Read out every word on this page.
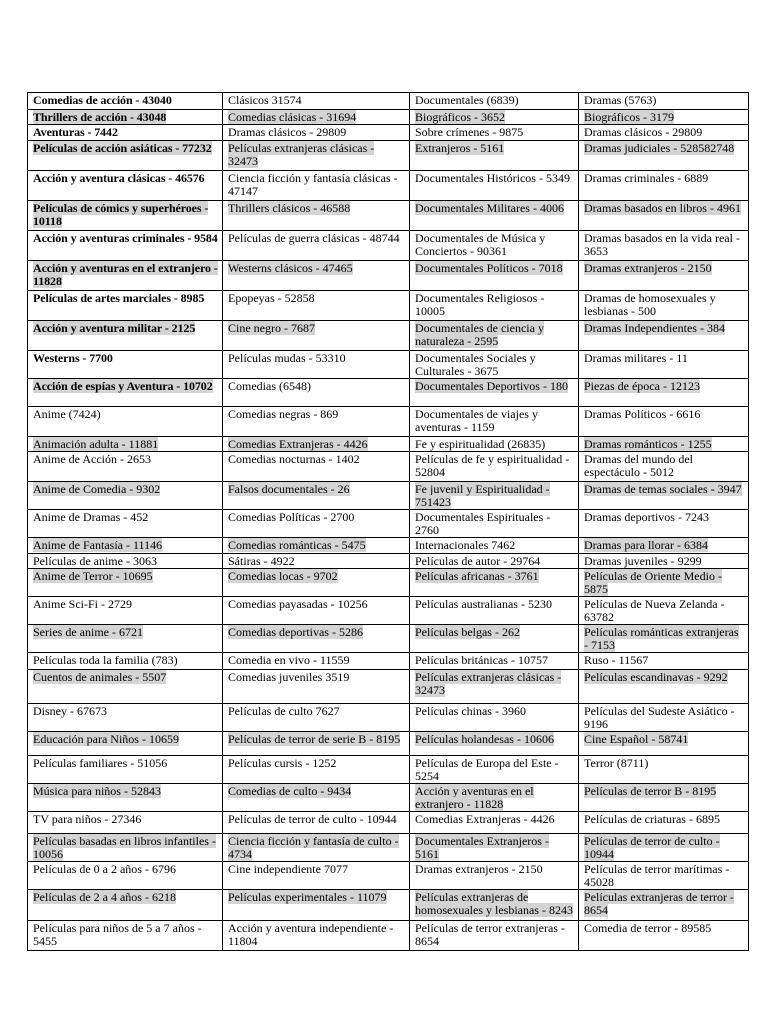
Comedias de acción - 43040	Clásicos 31574	Documentales (6839)	Dramas (5763)
Thrillers de acción - 43048	Comedias clásicas - 31694	Biográficos - 3652	Biográficos - 3179
Aventuras - 7442	Dramas clásicos - 29809	Sobre crímenes - 9875	Dramas clásicos - 29809
Películas de acción asiáticas - 77232	Películas extranjeras clásicas - 32473	Extranjeros - 5161	Dramas judiciales - 528582748
Acción y aventura clásicas - 46576	Ciencia ficción y fantasía clásicas - 47147	Documentales Históricos - 5349	Dramas criminales - 6889
Películas de cómics y superhéroes - 10118	Thrillers clásicos - 46588	Documentales Militares - 4006	Dramas basados en libros - 4961
Acción y aventuras criminales - 9584	Películas de guerra clásicas - 48744	Documentales de Música y Conciertos - 90361	Dramas basados en la vida real - 3653
Acción y aventuras en el extranjero - 11828	Westerns clásicos - 47465	Documentales Políticos - 7018	Dramas extranjeros - 2150
Películas de artes marciales - 8985	Epopeyas - 52858	Documentales Religiosos - 10005	Dramas de homosexuales y lesbianas - 500
Acción y aventura militar - 2125	Cine negro - 7687	Documentales de ciencia y naturaleza - 2595	Dramas Independientes - 384
Westerns - 7700	Películas mudas - 53310	Documentales Sociales y Culturales - 3675	Dramas militares - 11
Acción de espías y Aventura - 10702	Comedias (6548)	Documentales Deportivos - 180	Piezas de época - 12123
Anime (7424)	Comedias negras - 869	Documentales de viajes y aventuras - 1159	Dramas Políticos - 6616
Animación adulta - 11881	Comedias Extranjeras - 4426	Fe y espiritualidad (26835)	Dramas románticos - 1255
Anime de Acción - 2653	Comedias nocturnas - 1402	Películas de fe y espiritualidad - 52804	Dramas del mundo del espectáculo - 5012
Anime de Comedia - 9302	Falsos documentales - 26	Fe juvenil y Espiritualidad - 751423	Dramas de temas sociales - 3947
Anime de Dramas - 452	Comedias Políticas - 2700	Documentales Espirituales - 2760	Dramas deportivos - 7243
Anime de Fantasía - 11146	Comedias románticas - 5475	Internacionales 7462	Dramas para llorar - 6384
Películas de anime - 3063	Sátiras - 4922	Películas de autor - 29764	Dramas juveniles - 9299
Anime de Terror - 10695	Comedias locas - 9702	Películas africanas - 3761	Películas de Oriente Medio - 5875
Anime Sci-Fi - 2729	Comedias payasadas - 10256	Películas australianas - 5230	Películas de Nueva Zelanda - 63782
Series de anime - 6721	Comedias deportivas - 5286	Películas belgas - 262	Películas románticas extranjeras - 7153
Películas toda la familia (783)	Comedia en vivo - 11559	Películas británicas - 10757	Ruso - 11567
Cuentos de animales - 5507	Comedias juveniles 3519	Películas extranjeras clásicas - 32473	Películas escandinavas - 9292
Disney - 67673	Películas de culto 7627	Películas chinas - 3960	Películas del Sudeste Asiático - 9196
Educación para Niños - 10659	Películas de terror de serie B - 8195	Películas holandesas - 10606	Cine Español - 58741
Películas familiares - 51056	Películas cursis - 1252	Películas de Europa del Este - 5254	Terror (8711)
Música para niños - 52843	Comedias de culto - 9434	Acción y aventuras en el extranjero - 11828	Películas de terror B - 8195
TV para niños - 27346	Películas de terror de culto - 10944	Comedias Extranjeras - 4426	Películas de criaturas - 6895
Películas basadas en libros infantiles - 10056	Ciencia ficción y fantasía de culto - 4734	Documentales Extranjeros - 5161	Películas de terror de culto - 10944
Películas de 0 a 2 años - 6796	Cine independiente 7077	Dramas extranjeros - 2150	Películas de terror marítimas - 45028
Películas de 2 a 4 años - 6218	Películas experimentales - 11079	Películas extranjeras de homosexuales y lesbianas - 8243	Películas extranjeras de terror - 8654
Películas para niños de 5 a 7 años - 5455	Acción y aventura independiente - 11804	Películas de terror extranjeras - 8654	Comedia de terror - 89585
